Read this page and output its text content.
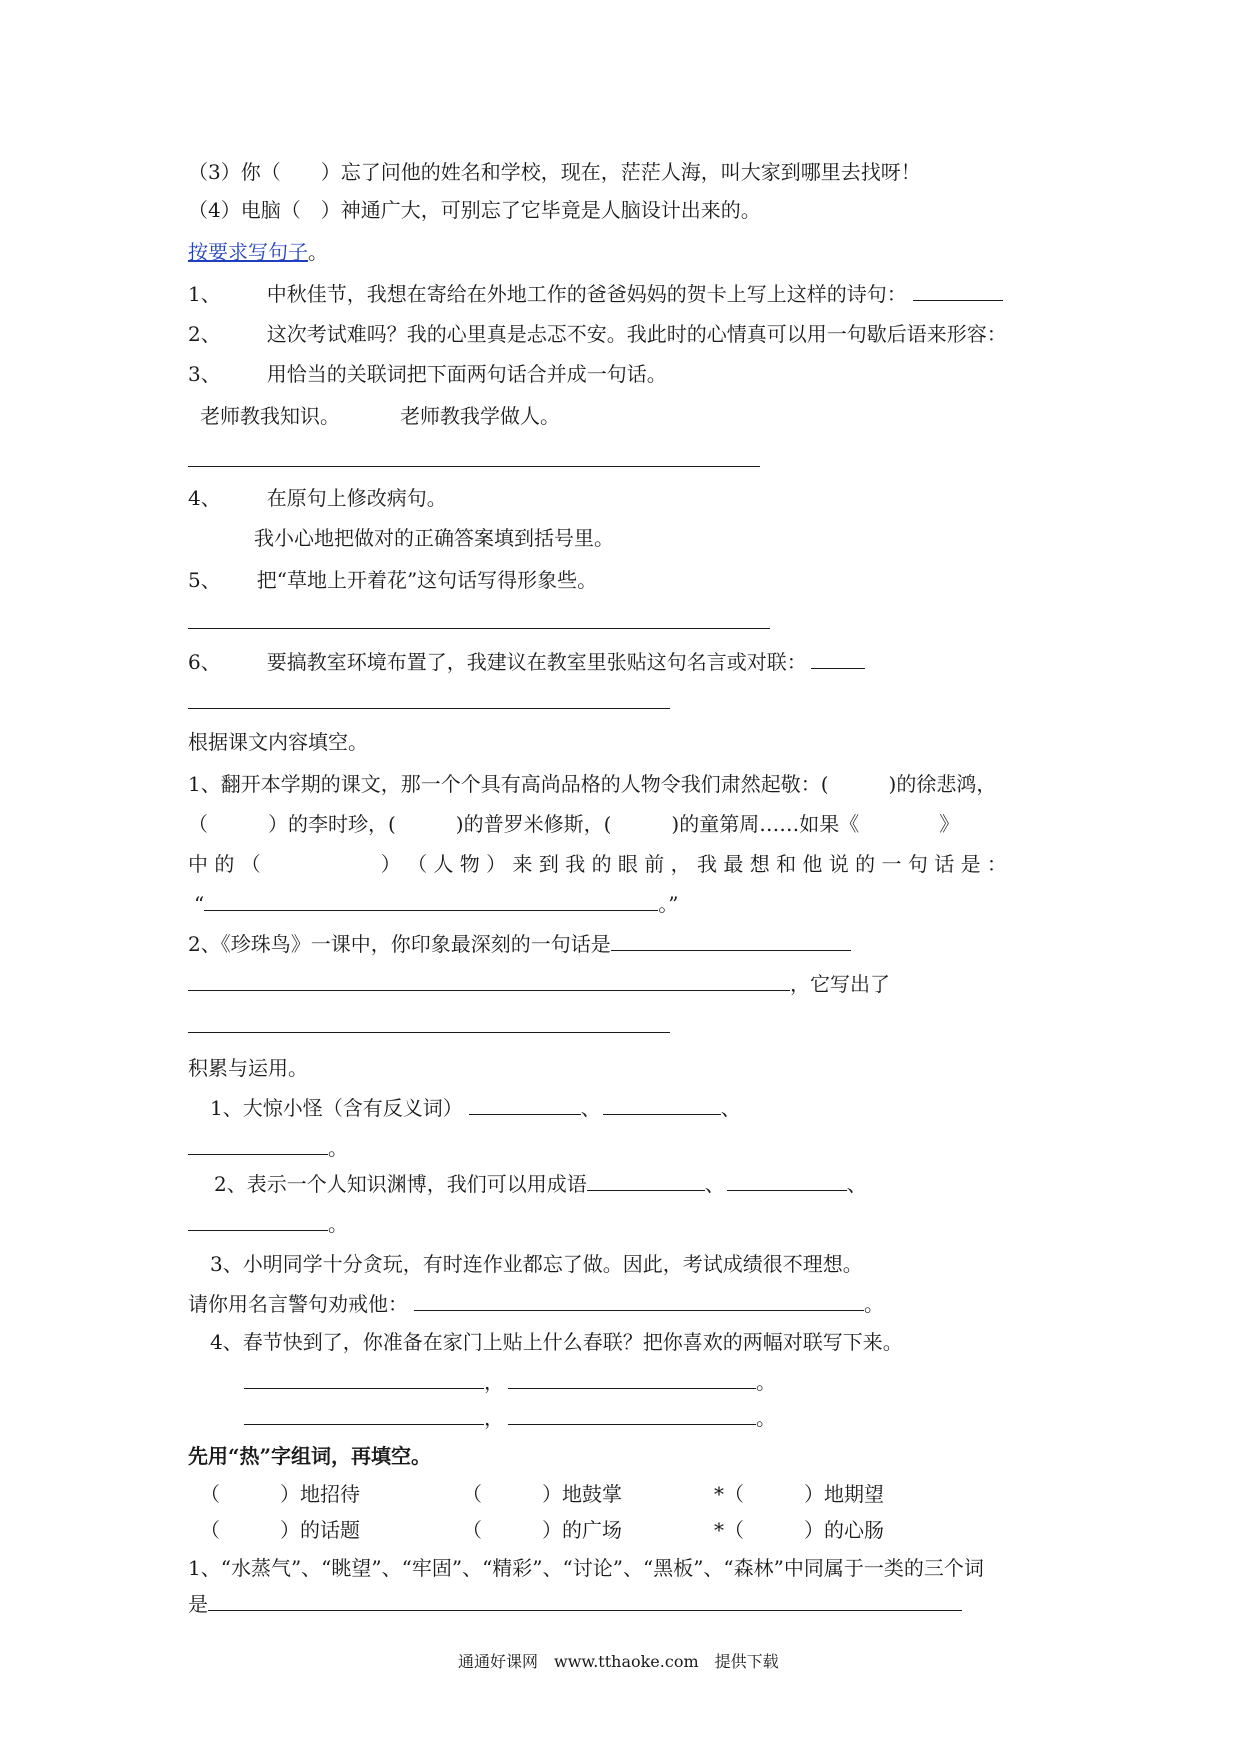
（3）你（　　）忘了问他的姓名和学校，现在，茫茫人海，叫大家到哪里去找呀！
（4）电脑（　）神通广大，可别忘了它毕竟是人脑设计出来的。
按要求写句子。
1、 中秋佳节，我想在寄给在外地工作的爸爸妈妈的贺卡上写上这样的诗句：
2、 这次考试难吗？我的心里真是忐忑不安。我此时的心情真可以用一句歇后语来形容：
3、 用恰当的关联词把下面两句话合并成一句话。
老师教我知识。	老师教我学做人。
4、 在原句上修改病句。
我小心地把做对的正确答案填到括号里。
5、 把“草地上开着花”这句话写得形象些。
6、 要搞教室环境布置了，我建议在教室里张贴这句名言或对联：
根据课文内容填空。
1、翻开本学期的课文，那一个个具有高尚品格的人物令我们肃然起敬：(　　　)的徐悲鸿，
（　　　）的李时珍，(　　　)的普罗米修斯，(　　　)的童第周……如果《　　　　》
中 的 （　　　　　　） （ 人 物 ） 来 到 我 的 眼 前 ， 我 最 想 和 他 说 的 一 句 话 是 ：
“	。”
2、《珍珠鸟》一课中，你印象最深刻的一句话是
，它写出了
积累与运用。
1、大惊小怪（含有反义词）	、	、
。
2、表示一个人知识渊博，我们可以用成语	、	、
。
3、小明同学十分贪玩，有时连作业都忘了做。因此，考试成绩很不理想。
请你用名言警句劝戒他：	。
4、春节快到了，你准备在家门上贴上什么春联？把你喜欢的两幅对联写下来。
，	。
，	。
先用“热”字组词，再填空。
（　　　）地招待	（　　　）地鼓掌	*（　　　）地期望
（　　　）的话题	（　　　）的广场	*（　　　）的心肠
1、“水蒸气”、“眺望”、“牢固”、“精彩”、“讨论”、“黑板”、“森林”中同属于一类的三个词
是
通通好课网　www.tthaoke.com　提供下载
